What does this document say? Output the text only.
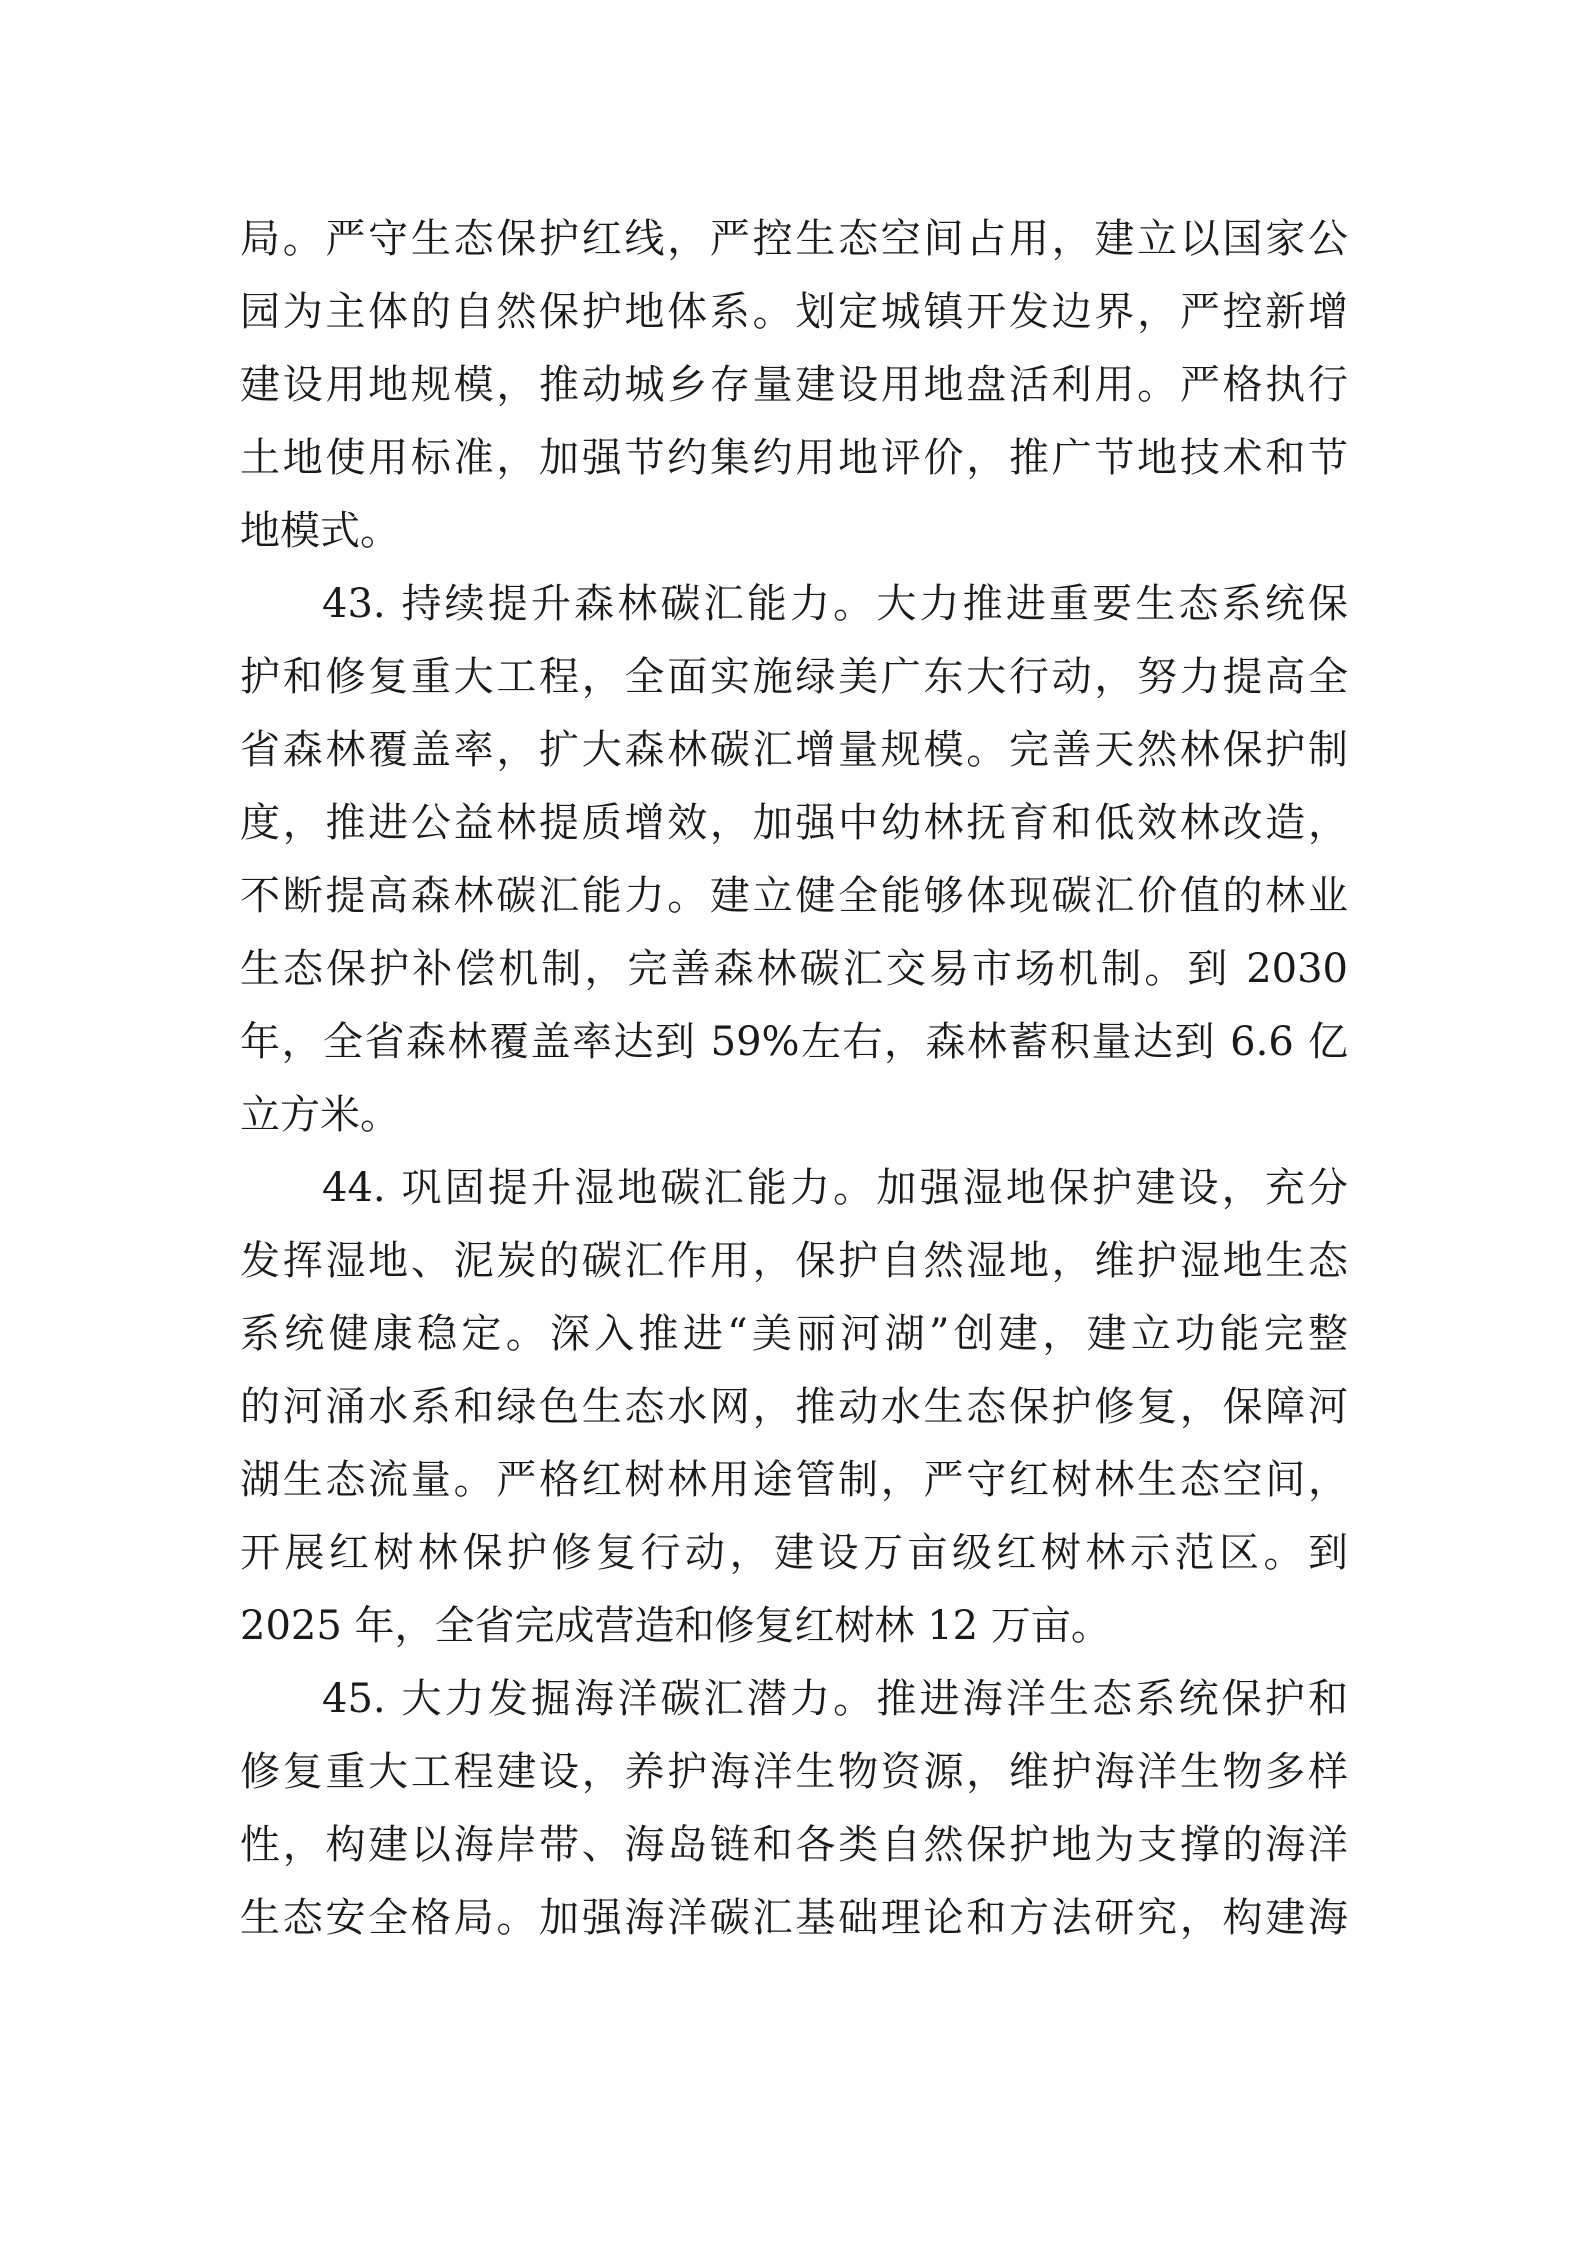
局。严守生态保护红线，严控生态空间占用，建立以国家公
园为主体的自然保护地体系。划定城镇开发边界，严控新增
建设用地规模，推动城乡存量建设用地盘活利用。严格执行
土地使用标准，加强节约集约用地评价，推广节地技术和节
地模式。
43. 持续提升森林碳汇能力。大力推进重要生态系统保
护和修复重大工程，全面实施绿美广东大行动，努力提高全
省森林覆盖率，扩大森林碳汇增量规模。完善天然林保护制
度，推进公益林提质增效，加强中幼林抚育和低效林改造，
不断提高森林碳汇能力。建立健全能够体现碳汇价值的林业
生态保护补偿机制，完善森林碳汇交易市场机制。到 2030
年，全省森林覆盖率达到 59%左右，森林蓄积量达到 6.6 亿
立方米。
44. 巩固提升湿地碳汇能力。加强湿地保护建设，充分
发挥湿地、泥炭的碳汇作用，保护自然湿地，维护湿地生态
系统健康稳定。深入推进“美丽河湖”创建，建立功能完整
的河涌水系和绿色生态水网，推动水生态保护修复，保障河
湖生态流量。严格红树林用途管制，严守红树林生态空间，
开展红树林保护修复行动，建设万亩级红树林示范区。到
2025 年，全省完成营造和修复红树林 12 万亩。
45. 大力发掘海洋碳汇潜力。推进海洋生态系统保护和
修复重大工程建设，养护海洋生物资源，维护海洋生物多样
性，构建以海岸带、海岛链和各类自然保护地为支撑的海洋
生态安全格局。加强海洋碳汇基础理论和方法研究，构建海
